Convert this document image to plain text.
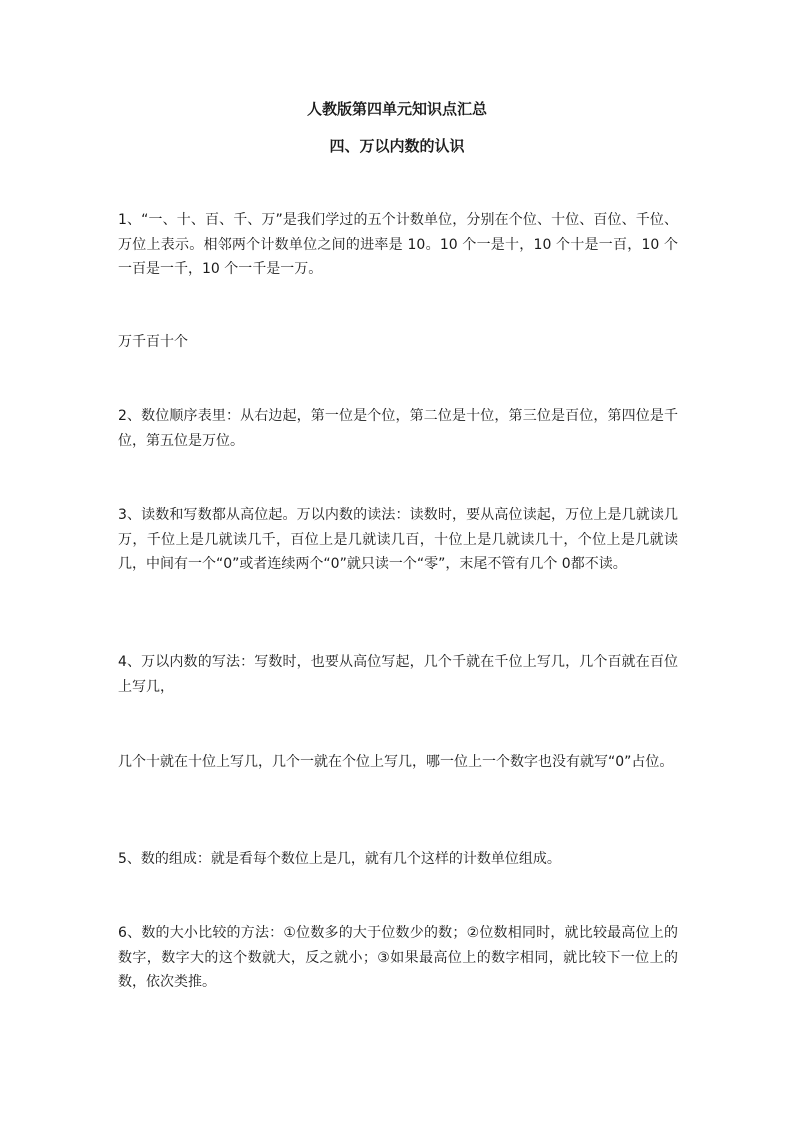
人教版第四单元知识点汇总
四、万以内数的认识
1、“一、十、百、千、万”是我们学过的五个计数单位，分别在个位、十位、百位、千位、万位上表示。相邻两个计数单位之间的进率是 10。10 个一是十，10 个十是一百，10 个一百是一千，10 个一千是一万。
万千百十个
2、数位顺序表里：从右边起，第一位是个位，第二位是十位，第三位是百位，第四位是千位，第五位是万位。
3、读数和写数都从高位起。万以内数的读法：读数时，要从高位读起，万位上是几就读几万，千位上是几就读几千，百位上是几就读几百，十位上是几就读几十，个位上是几就读几，中间有一个“0”或者连续两个“0”就只读一个“零”，末尾不管有几个 0都不读。
4、万以内数的写法：写数时，也要从高位写起，几个千就在千位上写几，几个百就在百位上写几，
几个十就在十位上写几，几个一就在个位上写几，哪一位上一个数字也没有就写“0”占位。
5、数的组成：就是看每个数位上是几，就有几个这样的计数单位组成。
6、数的大小比较的方法：①位数多的大于位数少的数；②位数相同时，就比较最高位上的数字，数字大的这个数就大，反之就小；③如果最高位上的数字相同，就比较下一位上的数，依次类推。
